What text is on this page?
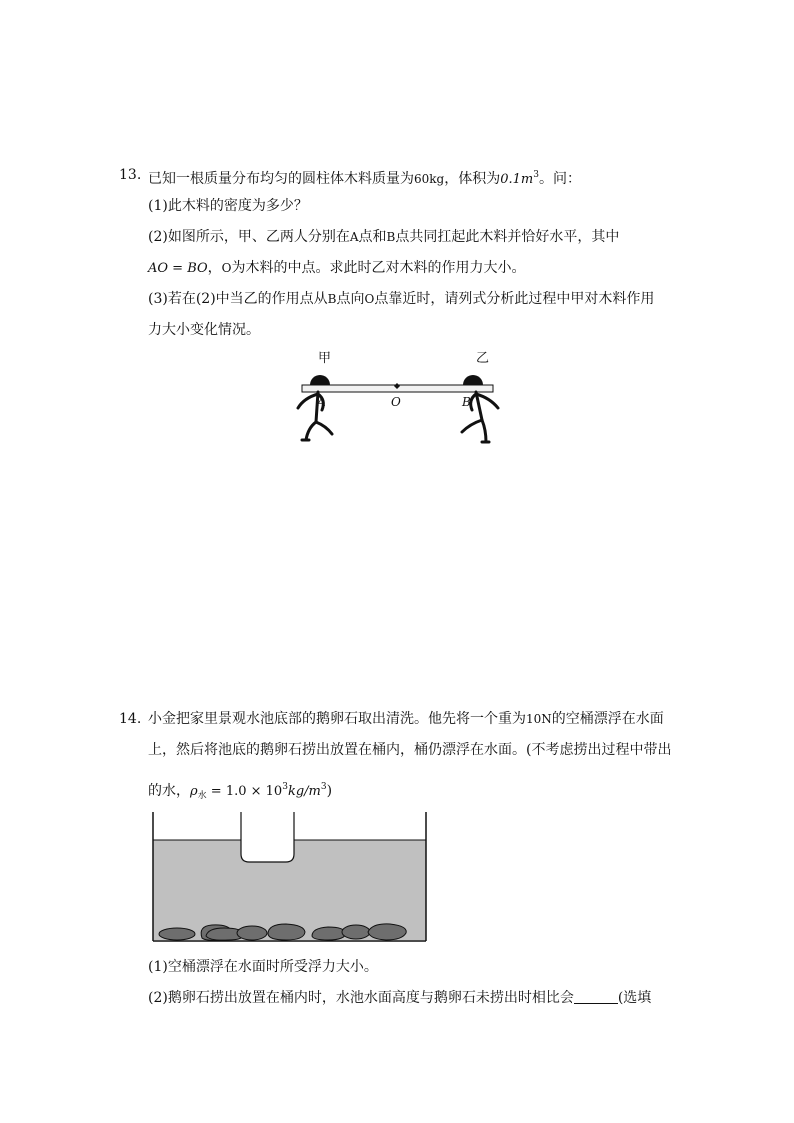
13. 已知一根质量分布均匀的圆柱体木料质量为60kg，体积为$0.1m^3$。问：
(1)此木料的密度为多少？
(2)如图所示，甲、乙两人分别在A点和B点共同扛起此木料并恰好水平，其中
AO = BO，O为木料的中点。求此时乙对木料的作用力大小。
(3)若在(2)中当乙的作用点从B点向O点靠近时，请列式分析此过程中甲对木料作用
力大小变化情况。
甲	乙
A	O	B
14. 小金把家里景观水池底部的鹅卵石取出清洗。他先将一个重为10N的空桶漂浮在水面
上，然后将池底的鹅卵石捞出放置在桶内，桶仍漂浮在水面。(不考虑捞出过程中带出
的水，$\rho_水 = 1.0 \times 10^3kg/m^3$)
(1)空桶漂浮在水面时所受浮力大小。
(2)鹅卵石捞出放置在桶内时，水池水面高度与鹅卵石未捞出时相比会	(选填
